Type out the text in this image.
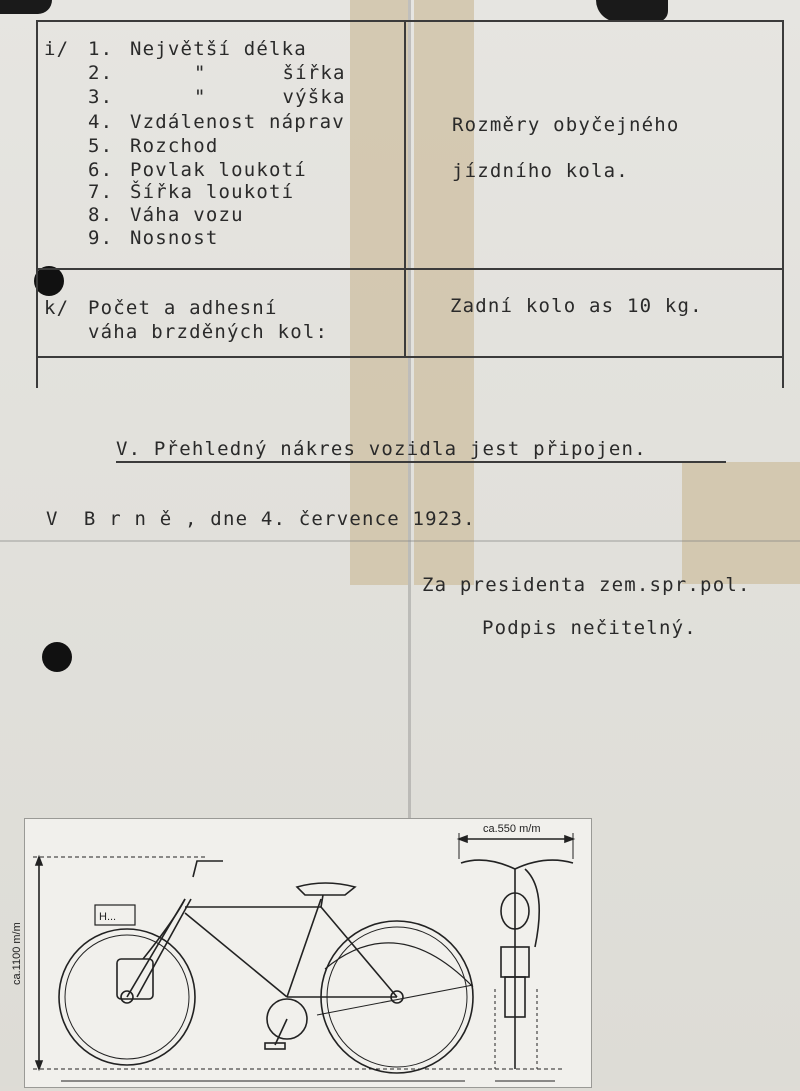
i/ 1. Největší délka
2.	"      šířka
3.	"      výška
4. Vzdálenost náprav
5. Rozchod
6. Povlak loukotí
7. Šířka loukotí
8. Váha vozu
9. Nosnost
Rozměry obyčejného
jízdního kola.
k/ Počet a adhesní
váha brzděných kol:
Zadní kolo as 10 kg.
V. Přehledný nákres vozidla jest připojen.
V  B r n ě , dne 4. července 1923.
Za presidenta zem.spr.pol.
Podpis nečitelný.
H...
ca.1100 m/m
ca.550 m/m
